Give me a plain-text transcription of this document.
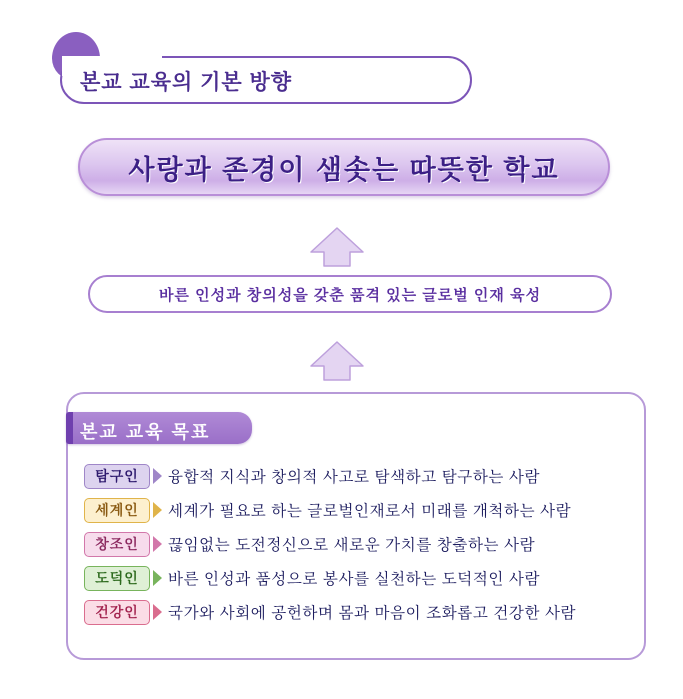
본교 교육의 기본 방향
사랑과 존경이 샘솟는 따뜻한 학교
바른 인성과 창의성을 갖춘 품격 있는 글로벌 인재 육성
본교 교육 목표
탐구인 융합적 지식과 창의적 사고로 탐색하고 탐구하는 사람
세계인 세계가 필요로 하는 글로벌인재로서 미래를 개척하는 사람
창조인 끊임없는 도전정신으로 새로운 가치를 창출하는 사람
도덕인 바른 인성과 품성으로 봉사를 실천하는 도덕적인 사람
건강인 국가와 사회에 공헌하며 몸과 마음이 조화롭고 건강한 사람
